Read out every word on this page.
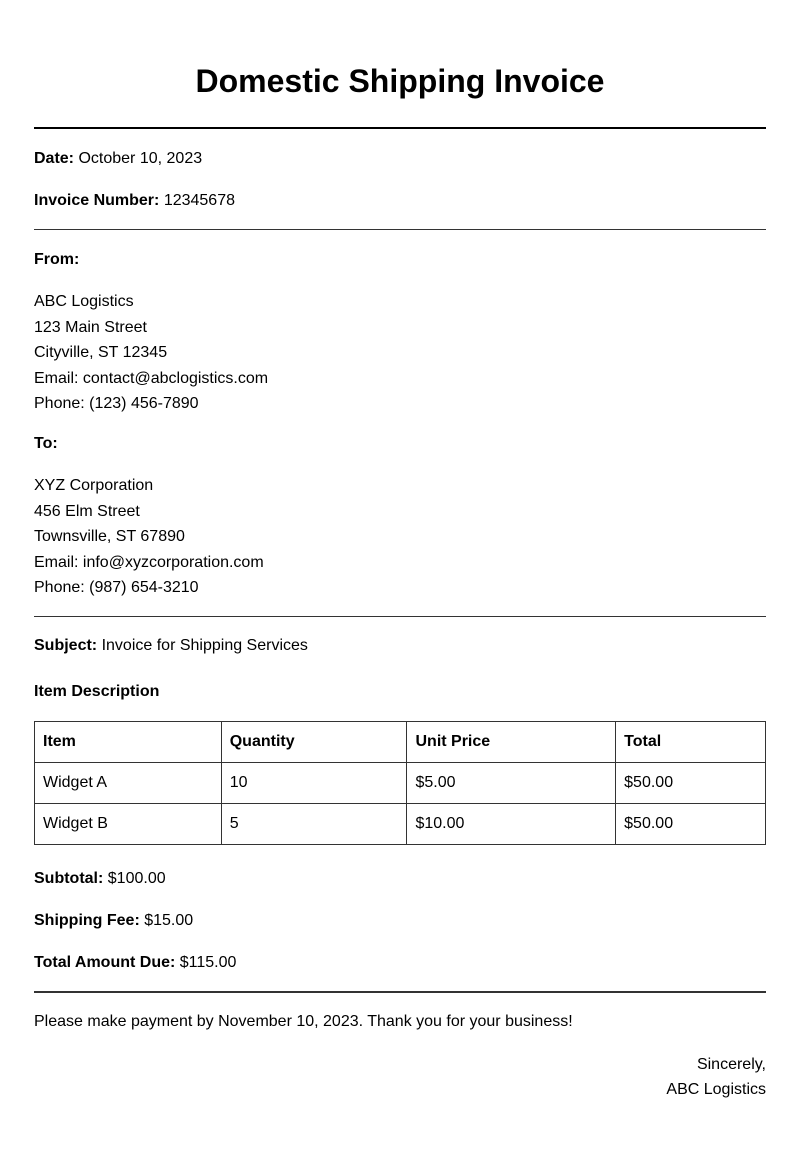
Domestic Shipping Invoice

Date: October 10, 2023

Invoice Number: 12345678

From:

ABC Logistics

123 Main Street

Cityville, ST 12345

Email: contact@abclogistics.com

Phone: (123) 456-7890

To:

XYZ Corporation

456 Elm Street

Townsville, ST 67890

Email: info@xyzcorporation.com

Phone: (987) 654-3210

Subject: Invoice for Shipping Services

Item Description

Item	Quantity	Unit Price	Total
Widget A	10	$5.00	$50.00
Widget B	5	$10.00	$50.00

Subtotal: $100.00

Shipping Fee: $15.00

Total Amount Due: $115.00

Please make payment by November 10, 2023. Thank you for your business!

Sincerely,

ABC Logistics
